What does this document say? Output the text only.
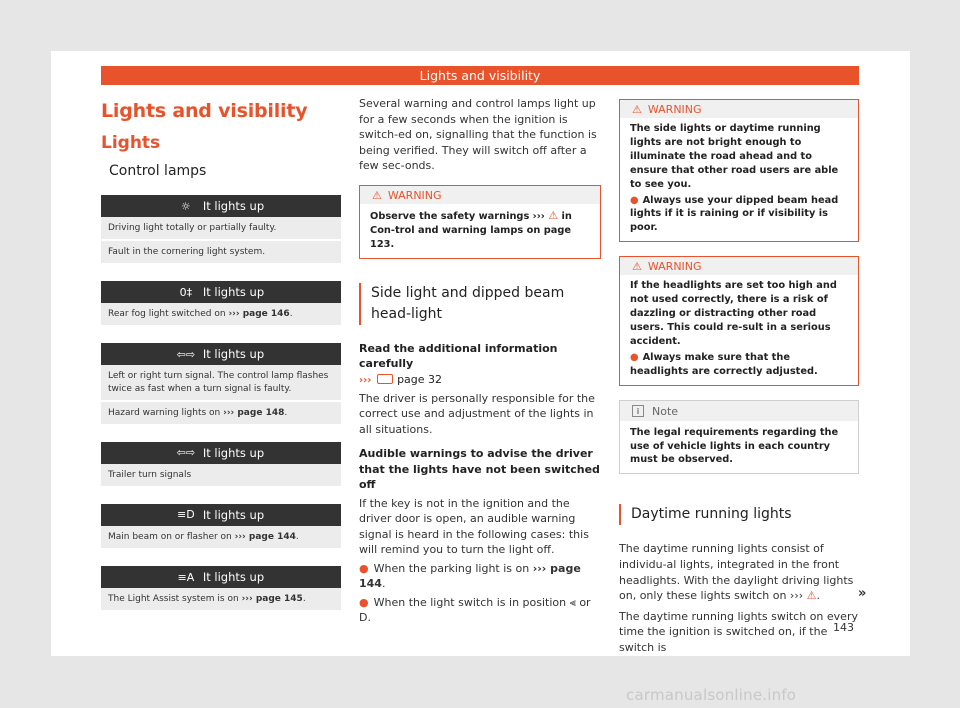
Lights and visibility
Lights and visibility
Lights
Control lamps
☼ It lights up
Driving light totally or partially faulty.
Fault in the cornering light system.
0‡ It lights up
Rear fog light switched on ››› page 146.
⇦⇨ It lights up
Left or right turn signal. The control lamp flashes twice as fast when a turn signal is faulty.
Hazard warning lights on ››› page 148.
⇦⇨ It lights up
Trailer turn signals
≡D It lights up
Main beam on or flasher on ››› page 144.
≡A It lights up
The Light Assist system is on ››› page 145.

Several warning and control lamps light up for a few seconds when the ignition is switch-ed on, signalling that the function is being verified. They will switch off after a few sec-onds.

⚠ WARNING
Observe the safety warnings ››› ⚠ in Con-trol and warning lamps on page 123.
Side light and dipped beam head-light

Read the additional information carefully
››› page 32

The driver is personally responsible for the correct use and adjustment of the lights in all situations.

Audible warnings to advise the driver that the lights have not been switched off

If the key is not in the ignition and the driver door is open, an audible warning signal is heard in the following cases: this will remind you to turn the light off.

● When the parking light is on ››› page 144.
● When the light switch is in position ⫷ or D.
⚠ WARNING
The side lights or daytime running lights are not bright enough to illuminate the road ahead and to ensure that other road users are able to see you.
● Always use your dipped beam head lights if it is raining or if visibility is poor.
⚠ WARNING
If the headlights are set too high and not used correctly, there is a risk of dazzling or distracting other road users. This could re-sult in a serious accident.
● Always make sure that the headlights are correctly adjusted.
i	Note
The legal requirements regarding the use of vehicle lights in each country must be observed.
Daytime running lights

The daytime running lights consist of individu-al lights, integrated in the front headlights. With the daylight driving lights on, only these lights switch on ››› ⚠.

The daytime running lights switch on every time the ignition is switched on, if the switch is

»
143
carmanualsonline.info
